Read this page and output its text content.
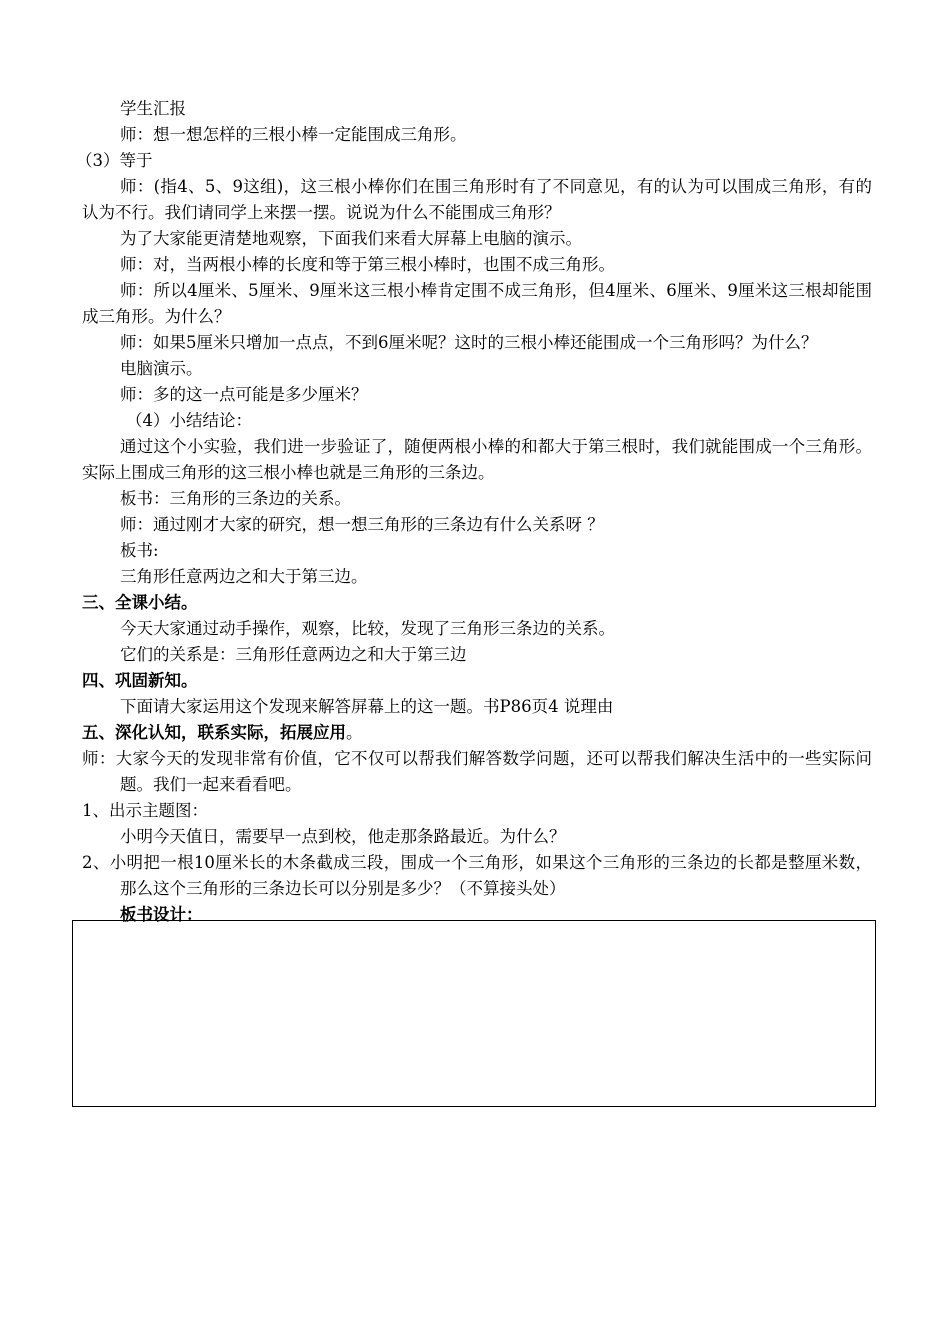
学生汇报

师：想一想怎样的三根小棒一定能围成三角形。

（3）等于

师：(指4、5、9这组)，这三根小棒你们在围三角形时有了不同意见，有的认为可以围成三角形，有的认为不行。我们请同学上来摆一摆。说说为什么不能围成三角形？

为了大家能更清楚地观察，下面我们来看大屏幕上电脑的演示。

师：对，当两根小棒的长度和等于第三根小棒时，也围不成三角形。

师：所以4厘米、5厘米、9厘米这三根小棒肯定围不成三角形，但4厘米、6厘米、9厘米这三根却能围成三角形。为什么？

师：如果5厘米只增加一点点，不到6厘米呢？这时的三根小棒还能围成一个三角形吗？为什么？

电脑演示。

师：多的这一点可能是多少厘米？

（4）小结结论：

通过这个小实验，我们进一步验证了，随便两根小棒的和都大于第三根时，我们就能围成一个三角形。实际上围成三角形的这三根小棒也就是三角形的三条边。

板书：三角形的三条边的关系。

师：通过刚才大家的研究，想一想三角形的三条边有什么关系呀 ？

板书:

三角形任意两边之和大于第三边。

三、全课小结。

今天大家通过动手操作，观察，比较，发现了三角形三条边的关系。

它们的关系是：三角形任意两边之和大于第三边

四、巩固新知。

下面请大家运用这个发现来解答屏幕上的这一题。书P86页4 说理由

五、深化认知，联系实际，拓展应用。

师：大家今天的发现非常有价值，它不仅可以帮我们解答数学问题，还可以帮我们解决生活中的一些实际问题。我们一起来看看吧。

1、出示主题图：

小明今天值日，需要早一点到校，他走那条路最近。为什么？

2、小明把一根10厘米长的木条截成三段，围成一个三角形，如果这个三角形的三条边的长都是整厘米数，那么这个三角形的三条边长可以分别是多少？（不算接头处）

板书设计：
